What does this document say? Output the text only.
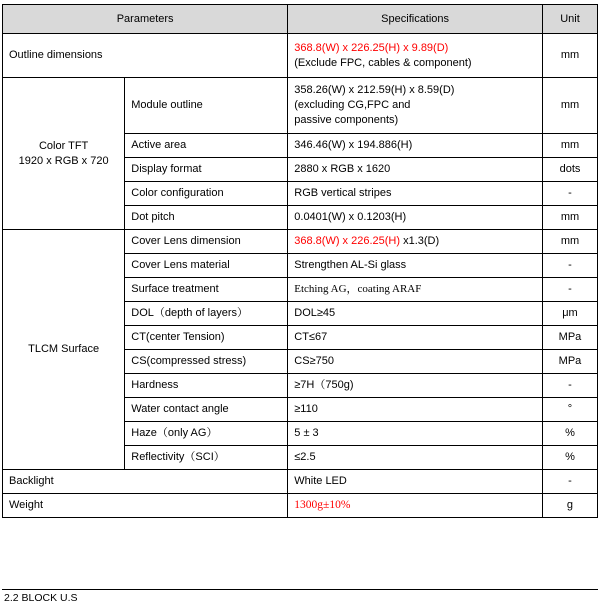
Parameters		Specifications	Unit
Outline dimensions		368.8(W) x 226.25(H) x 9.89(D)
(Exclude FPC, cables & component)	mm
Color TFT
1920 x RGB x 720	Module outline	358.26(W) x 212.59(H) x 8.59(D)
(excluding CG,FPC and
passive components)	mm
	Active area	346.46(W) x 194.886(H)	mm
	Display format	2880 x RGB x 1620	dots
	Color configuration	RGB vertical stripes	-
	Dot pitch	0.0401(W) x 0.1203(H)	mm
TLCM Surface	Cover Lens dimension	368.8(W) x 226.25(H) x1.3(D)	mm
	Cover Lens material	Strengthen AL-Si glass	-
	Surface treatment	Etching AG，coating ARAF	-
	DOL（depth of layers）	DOL≥45	μm
	CT(center Tension)	CT≤67	MPa
	CS(compressed stress)	CS≥750	MPa
	Hardness	≥7H（750g)	-
	Water contact angle	≥110	°
	Haze（only AG）	5 ± 3	%
	Reflectivity（SCI）	≤2.5	%
Backlight		White LED	-
Weight		1300g±10%	g
2.2 BLOCK U.S
